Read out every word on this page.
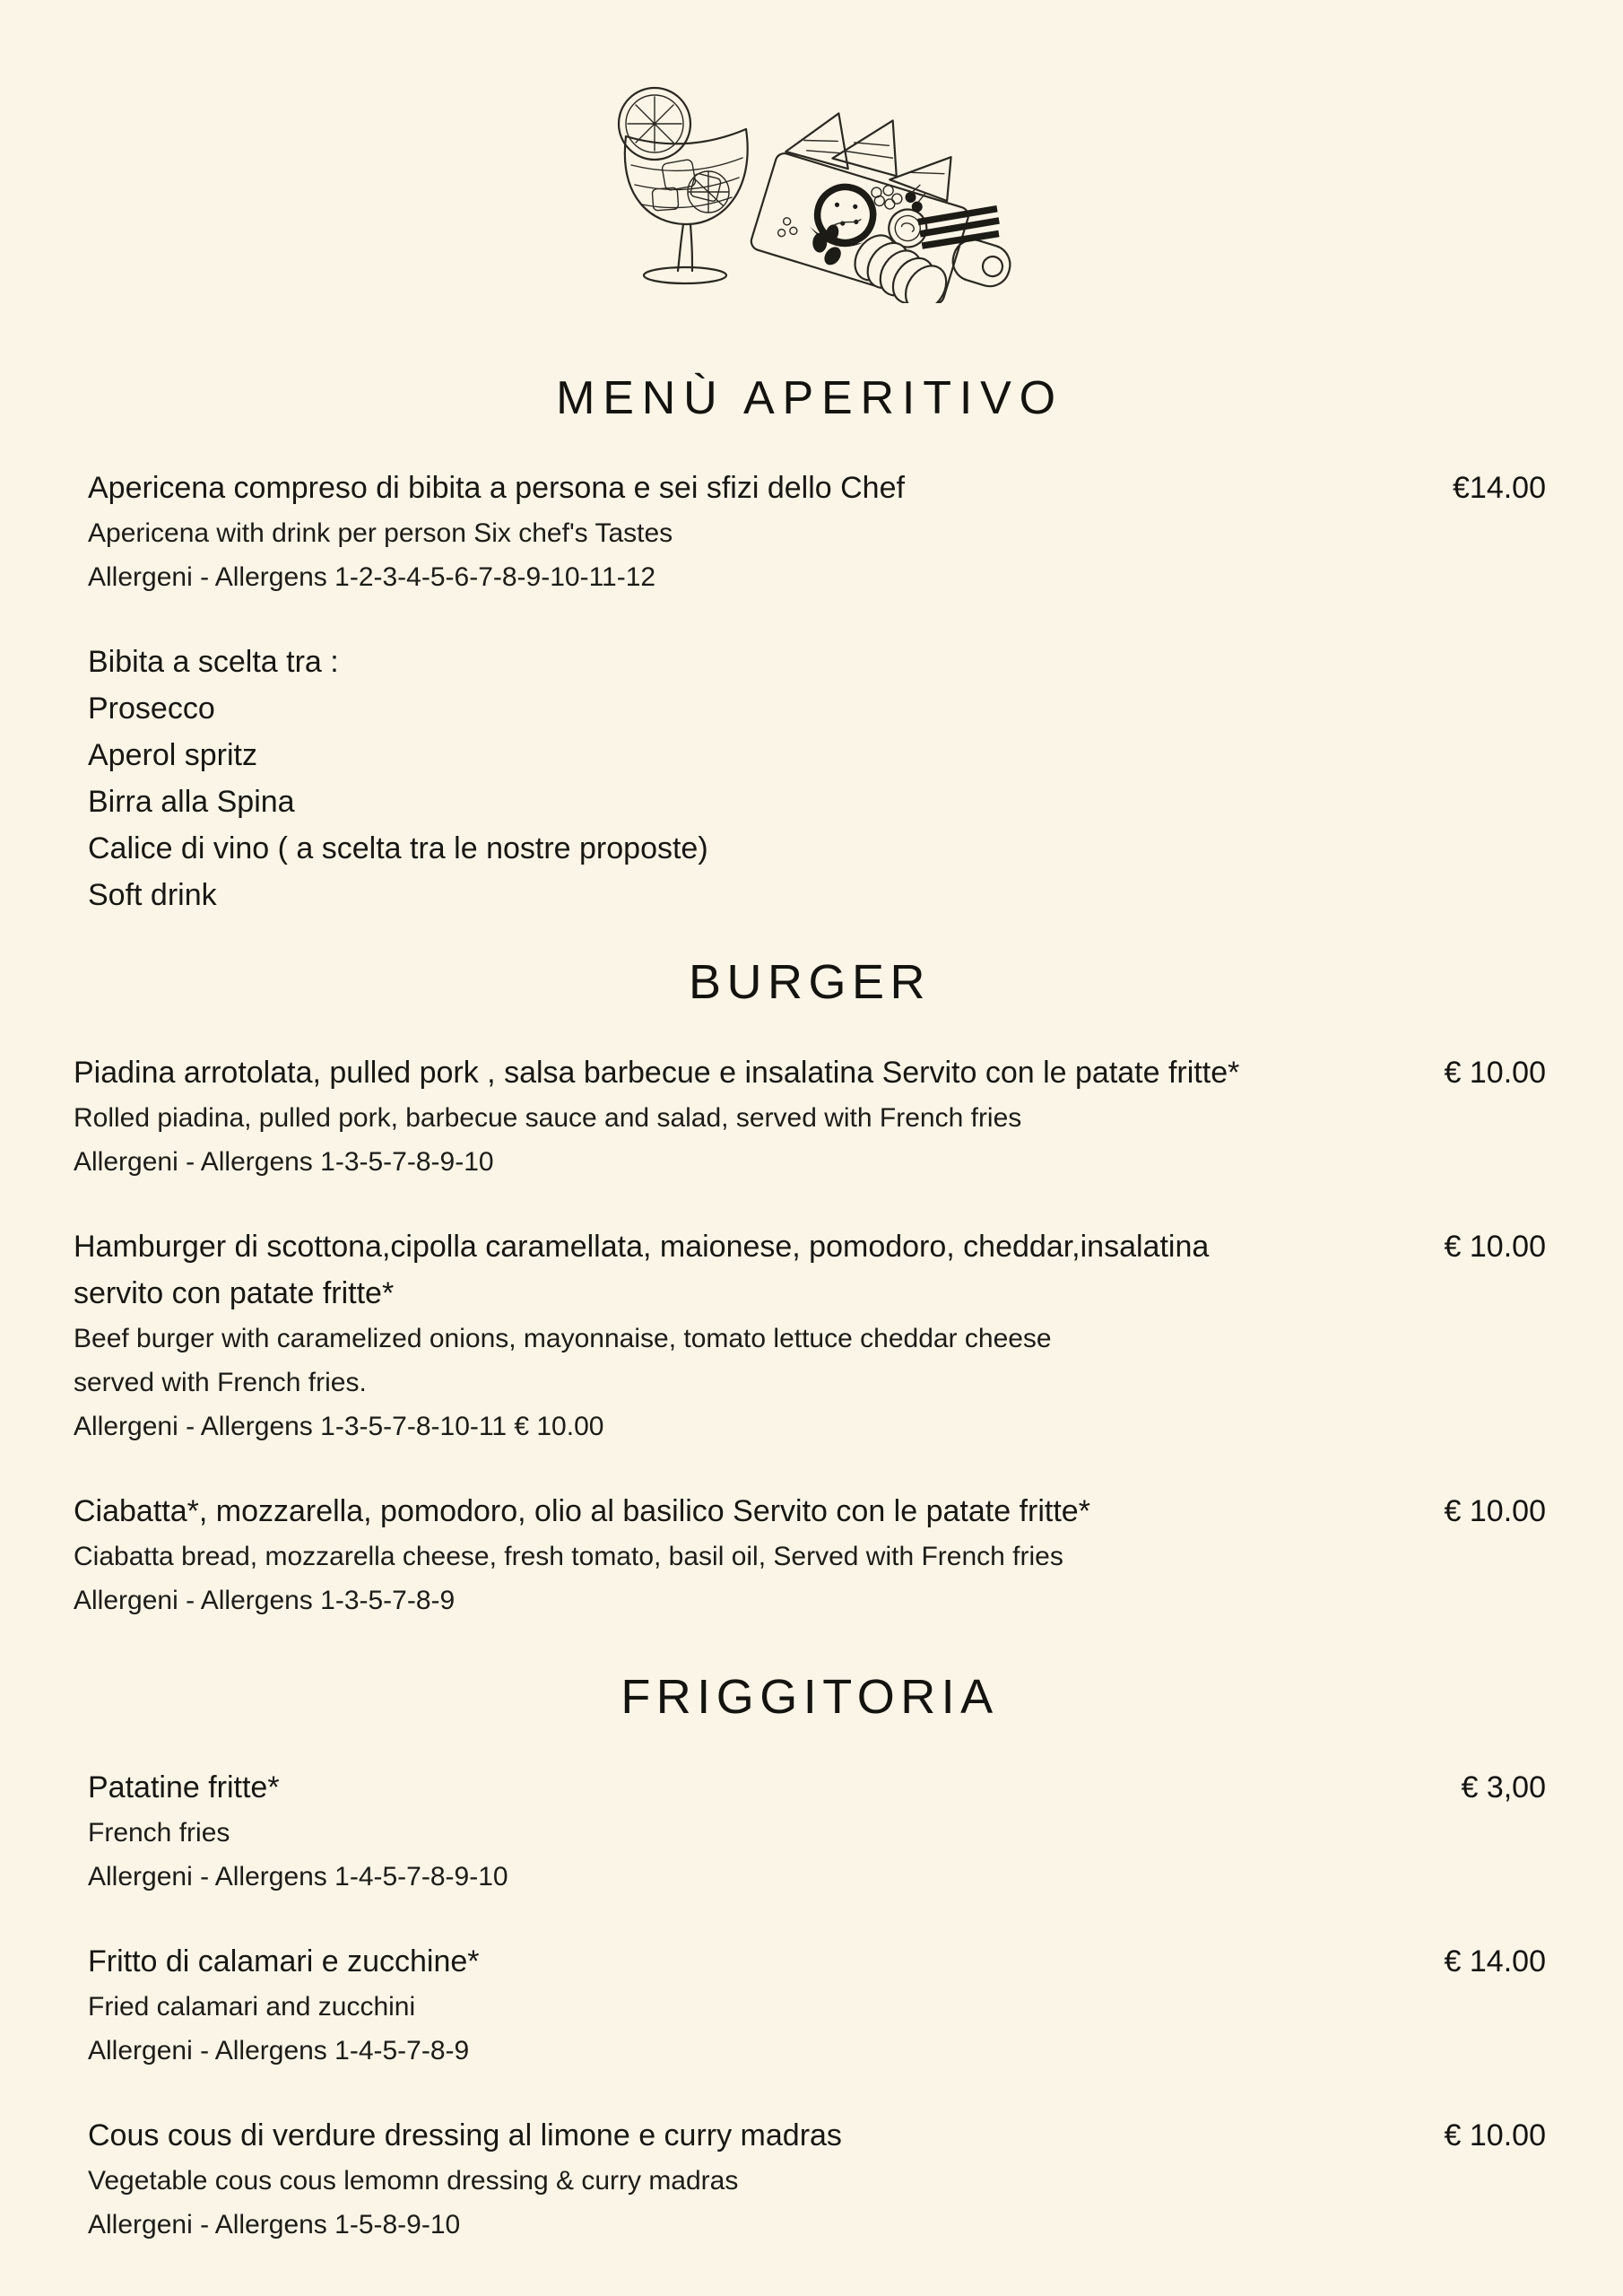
MENÙ APERITIVO
Apericena compreso di bibita a persona e sei sfizi dello Chef	€14.00
Apericena with drink per person Six chef's Tastes
Allergeni - Allergens 1-2-3-4-5-6-7-8-9-10-11-12
Bibita a scelta tra :
Prosecco
Aperol spritz
Birra alla Spina
Calice di vino ( a scelta tra le nostre proposte)
Soft drink
BURGER
Piadina arrotolata, pulled pork , salsa barbecue e insalatina Servito con le patate fritte*	€ 10.00
Rolled piadina, pulled pork, barbecue sauce and salad, served with French fries
Allergeni - Allergens 1-3-5-7-8-9-10
Hamburger di scottona,cipolla caramellata, maionese, pomodoro, cheddar,insalatina	€ 10.00
servito con patate fritte*
Beef burger with caramelized onions, mayonnaise, tomato lettuce cheddar cheese
served with French fries.
Allergeni - Allergens 1-3-5-7-8-10-11 € 10.00
Ciabatta*, mozzarella, pomodoro, olio al basilico Servito con le patate fritte*	€ 10.00
Ciabatta bread, mozzarella cheese, fresh tomato, basil oil, Served with French fries
Allergeni - Allergens 1-3-5-7-8-9
FRIGGITORIA
Patatine fritte*	€ 3,00
French fries
Allergeni - Allergens 1-4-5-7-8-9-10
Fritto di calamari e zucchine*	€ 14.00
Fried calamari and zucchini
Allergeni - Allergens 1-4-5-7-8-9
Cous cous di verdure dressing al limone e curry madras	€ 10.00
Vegetable cous cous lemomn dressing & curry madras
Allergeni - Allergens 1-5-8-9-10
